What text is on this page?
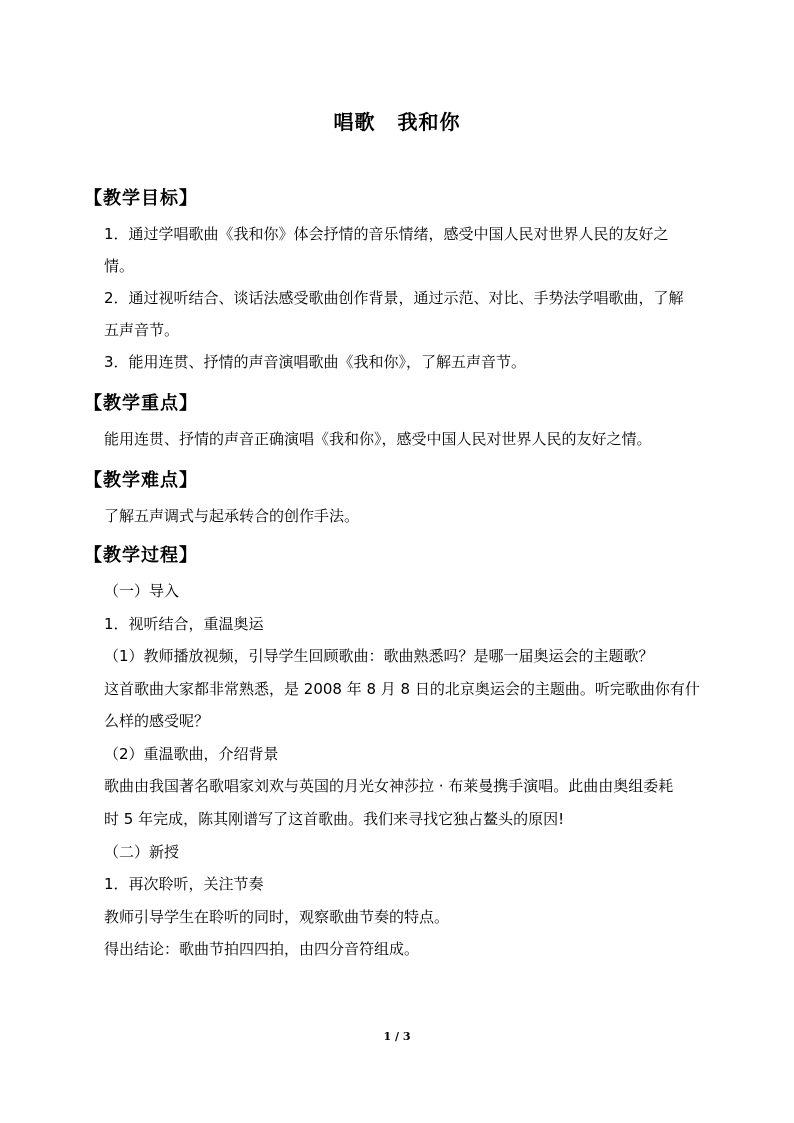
唱歌 我和你
【教学目标】
1．通过学唱歌曲《我和你》体会抒情的音乐情绪，感受中国人民对世界人民的友好之
情。
2．通过视听结合、谈话法感受歌曲创作背景，通过示范、对比、手势法学唱歌曲，了解
五声音节。
3．能用连贯、抒情的声音演唱歌曲《我和你》，了解五声音节。
【教学重点】
能用连贯、抒情的声音正确演唱《我和你》，感受中国人民对世界人民的友好之情。
【教学难点】
了解五声调式与起承转合的创作手法。
【教学过程】
（一）导入
1．视听结合，重温奥运
（1）教师播放视频，引导学生回顾歌曲：歌曲熟悉吗？是哪一届奥运会的主题歌？
这首歌曲大家都非常熟悉，是 2008 年 8 月 8 日的北京奥运会的主题曲。听完歌曲你有什
么样的感受呢？
（2）重温歌曲，介绍背景
歌曲由我国著名歌唱家刘欢与英国的月光女神莎拉 · 布莱曼携手演唱。此曲由奥组委耗
时 5 年完成，陈其刚谱写了这首歌曲。我们来寻找它独占鳌头的原因!
（二）新授
1．再次聆听，关注节奏
教师引导学生在聆听的同时，观察歌曲节奏的特点。
得出结论：歌曲节拍四四拍，由四分音符组成。
1 / 3
